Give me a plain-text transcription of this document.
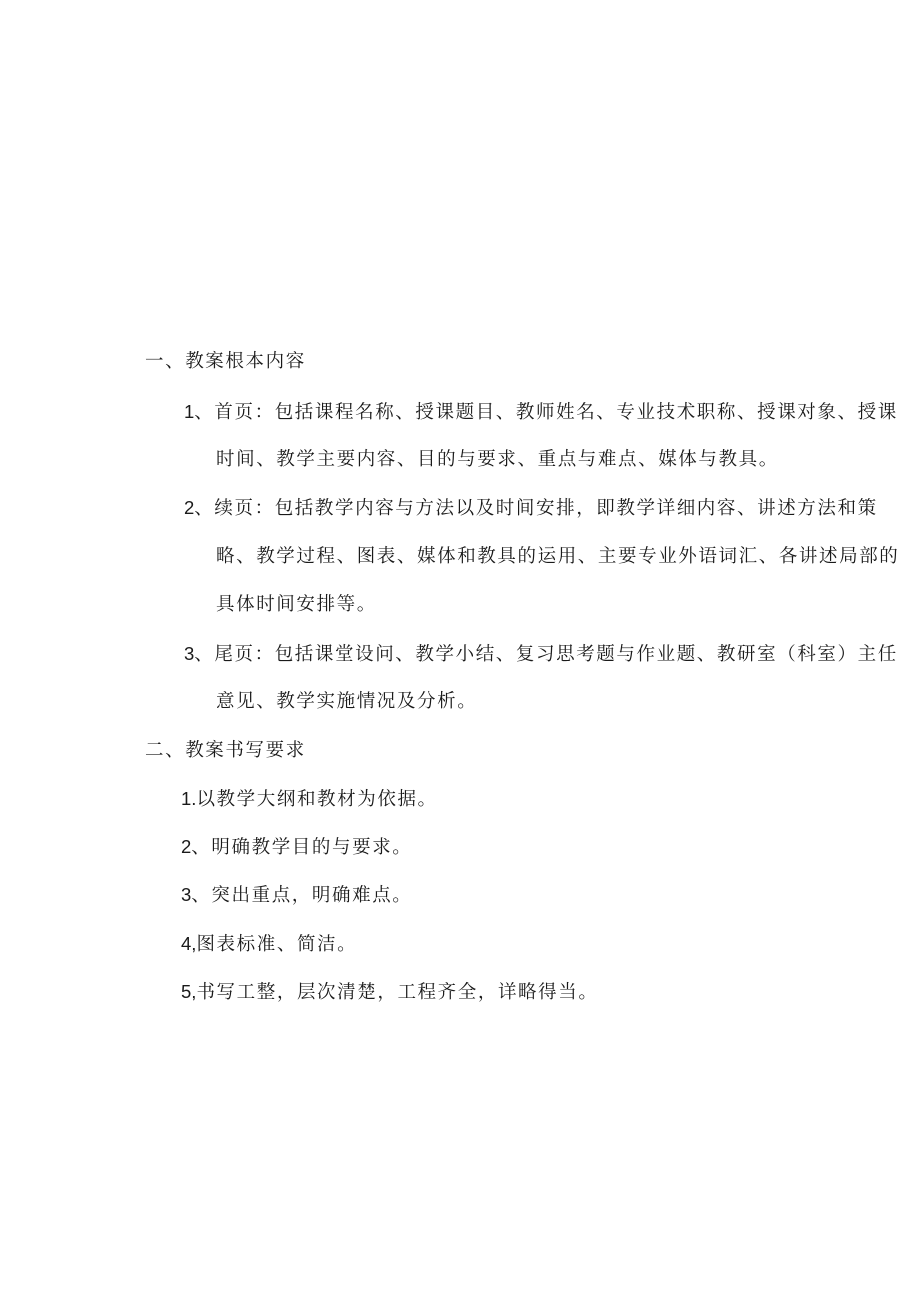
一、教案根本内容
1、首页：包括课程名称、授课题目、教师姓名、专业技术职称、授课对象、授课
时间、教学主要内容、目的与要求、重点与难点、媒体与教具。
2、续页：包括教学内容与方法以及时间安排，即教学详细内容、讲述方法和策
略、教学过程、图表、媒体和教具的运用、主要专业外语词汇、各讲述局部的
具体时间安排等。
3、尾页：包括课堂设问、教学小结、复习思考题与作业题、教研室（科室）主任
意见、教学实施情况及分析。
二、教案书写要求
1.以教学大纲和教材为依据。
2、明确教学目的与要求。
3、突出重点，明确难点。
4,图表标准、简洁。
5,书写工整，层次清楚，工程齐全，详略得当。
